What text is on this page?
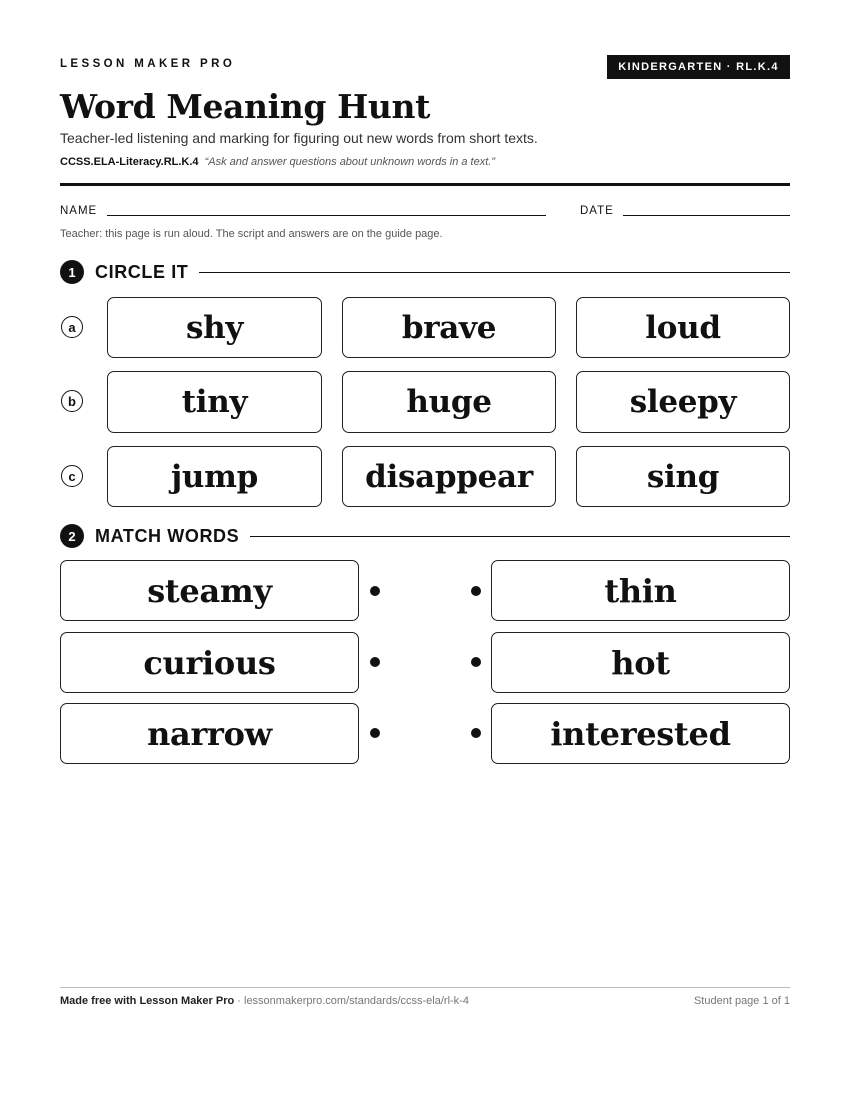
LESSON MAKER PRO	KINDERGARTEN · RL.K.4
Word Meaning Hunt
Teacher-led listening and marking for figuring out new words from short texts.
CCSS.ELA-Literacy.RL.K.4 “Ask and answer questions about unknown words in a text.”
NAME	DATE
Teacher: this page is run aloud. The script and answers are on the guide page.
1	CIRCLE IT
a	shy	brave	loud
b	tiny	huge	sleepy
c	jump	disappear	sing
2	MATCH WORDS
steamy	thin
curious	hot
narrow	interested
Made free with Lesson Maker Pro · lessonmakerpro.com/standards/ccss-ela/rl-k-4	Student page 1 of 1
